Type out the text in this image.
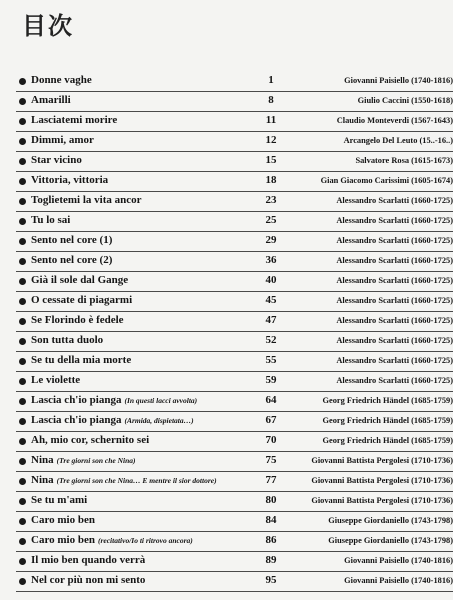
目次
Donne vaghe	1	Giovanni Paisiello (1740-1816)
Amarilli	8	Giulio Caccini (1550-1618)
Lasciatemi morire	11	Claudio Monteverdi (1567-1643)
Dimmi, amor	12	Arcangelo Del Leuto (15..-16..)
Star vicino	15	Salvatore Rosa (1615-1673)
Vittoria, vittoria	18	Gian Giacomo Carissimi (1605-1674)
Toglietemi la vita ancor	23	Alessandro Scarlatti (1660-1725)
Tu lo sai	25	Alessandro Scarlatti (1660-1725)
Sento nel core (1)	29	Alessandro Scarlatti (1660-1725)
Sento nel core (2)	36	Alessandro Scarlatti (1660-1725)
Già il sole dal Gange	40	Alessandro Scarlatti (1660-1725)
O cessate di piagarmi	45	Alessandro Scarlatti (1660-1725)
Se Florindo è fedele	47	Alessandro Scarlatti (1660-1725)
Son tutta duolo	52	Alessandro Scarlatti (1660-1725)
Se tu della mia morte	55	Alessandro Scarlatti (1660-1725)
Le violette	59	Alessandro Scarlatti (1660-1725)
Lascia ch'io pianga (In questi lacci avvolta)	64	Georg Friedrich Händel (1685-1759)
Lascia ch'io pianga (Armida, dispietata…)	67	Georg Friedrich Händel (1685-1759)
Ah, mio cor, schernito sei	70	Georg Friedrich Händel (1685-1759)
Nina (Tre giorni son che Nina)	75	Giovanni Battista Pergolesi (1710-1736)
Nina (Tre giorni son che Nina… E mentre il sior dottore)	77	Giovanni Battista Pergolesi (1710-1736)
Se tu m'ami	80	Giovanni Battista Pergolesi (1710-1736)
Caro mio ben	84	Giuseppe Giordaniello (1743-1798)
Caro mio ben (recitativo/Io ti ritrovo ancora)	86	Giuseppe Giordaniello (1743-1798)
Il mio ben quando verrà	89	Giovanni Paisiello (1740-1816)
Nel cor più non mi sento	95	Giovanni Paisiello (1740-1816)
